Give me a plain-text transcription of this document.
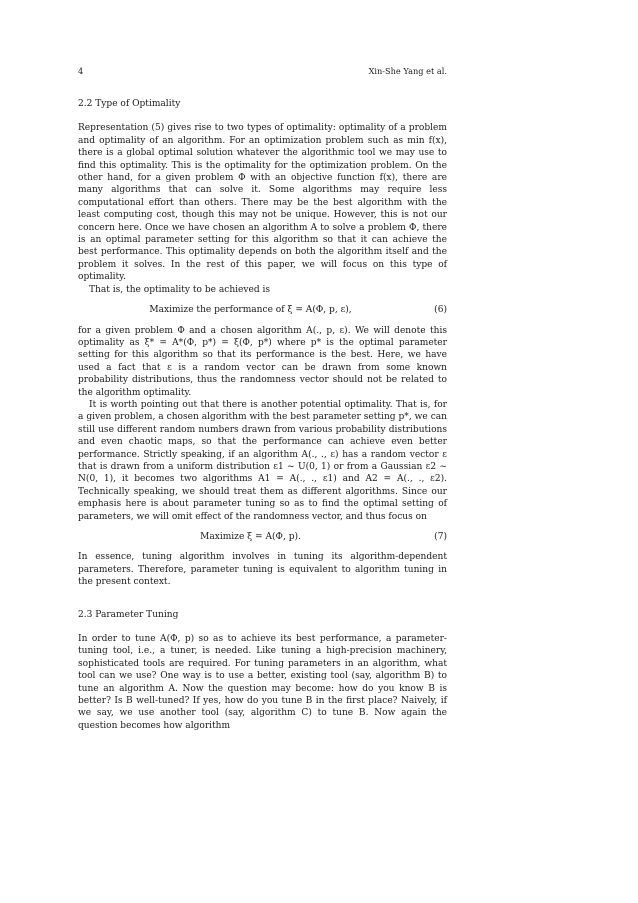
4	Xin-She Yang et al.
2.2 Type of Optimality

Representation (5) gives rise to two types of optimality: optimality of a problem and optimality of an algorithm. For an optimization problem such as min f(x), there is a global optimal solution whatever the algorithmic tool we may use to find this optimality. This is the optimality for the optimization problem. On the other hand, for a given problem Φ with an objective function f(x), there are many algorithms that can solve it. Some algorithms may require less computational effort than others. There may be the best algorithm with the least computing cost, though this may not be unique. However, this is not our concern here. Once we have chosen an algorithm A to solve a problem Φ, there is an optimal parameter setting for this algorithm so that it can achieve the best performance. This optimality depends on both the algorithm itself and the problem it solves. In the rest of this paper, we will focus on this type of optimality.

That is, the optimality to be achieved is

Maximize the performance of ξ = A(Φ, p, ε),	(6)

for a given problem Φ and a chosen algorithm A(., p, ε). We will denote this optimality as ξ* = A*(Φ, p*) = ξ(Φ, p*) where p* is the optimal parameter setting for this algorithm so that its performance is the best. Here, we have used a fact that ε is a random vector can be drawn from some known probability distributions, thus the randomness vector should not be related to the algorithm optimality.

It is worth pointing out that there is another potential optimality. That is, for a given problem, a chosen algorithm with the best parameter setting p*, we can still use different random numbers drawn from various probability distributions and even chaotic maps, so that the performance can achieve even better performance. Strictly speaking, if an algorithm A(., ., ε) has a random vector ε that is drawn from a uniform distribution ε1 ~ U(0, 1) or from a Gaussian ε2 ~ N(0, 1), it becomes two algorithms A1 = A(., ., ε1) and A2 = A(., ., ε2). Technically speaking, we should treat them as different algorithms. Since our emphasis here is about parameter tuning so as to find the optimal setting of parameters, we will omit effect of the randomness vector, and thus focus on

Maximize ξ = A(Φ, p).	(7)

In essence, tuning algorithm involves in tuning its algorithm-dependent parameters. Therefore, parameter tuning is equivalent to algorithm tuning in the present context.

2.3 Parameter Tuning

In order to tune A(Φ, p) so as to achieve its best performance, a parameter-tuning tool, i.e., a tuner, is needed. Like tuning a high-precision machinery, sophisticated tools are required. For tuning parameters in an algorithm, what tool can we use? One way is to use a better, existing tool (say, algorithm B) to tune an algorithm A. Now the question may become: how do you know B is better? Is B well-tuned? If yes, how do you tune B in the first place? Naively, if we say, we use another tool (say, algorithm C) to tune B. Now again the question becomes how algorithm
